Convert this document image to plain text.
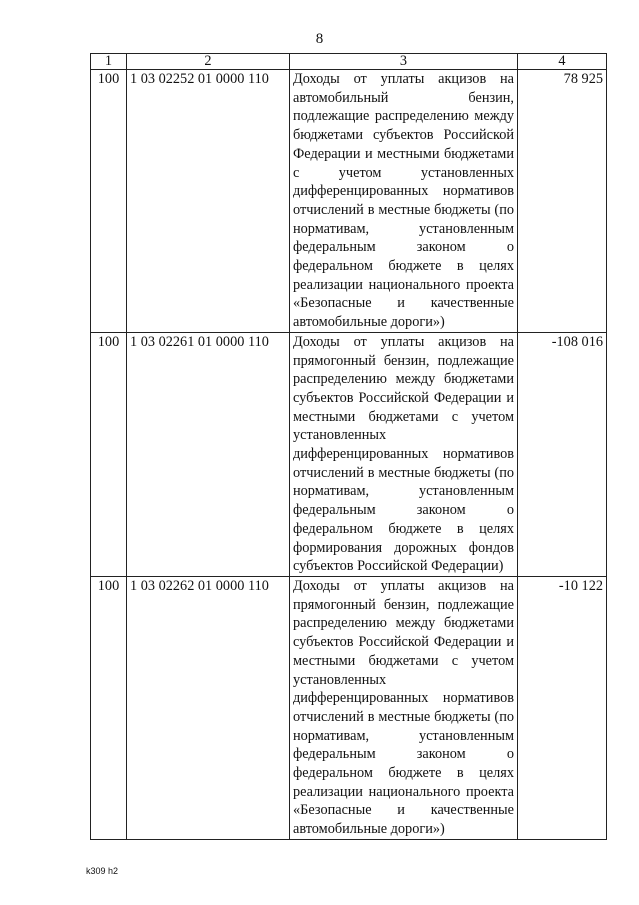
8
1	2	3	4
100	1 03 02252 01 0000 110	Доходы от уплаты акцизов на автомобильный бензин, подлежащие распределению между бюджетами субъектов Российской Федерации и местными бюджетами с учетом установленных дифференцированных нормативов отчислений в местные бюджеты (по нормативам, установленным федеральным законом о федеральном бюджете в целях реализации национального проекта «Безопасные и качественные автомобильные дороги»)	78 925
100	1 03 02261 01 0000 110	Доходы от уплаты акцизов на прямогонный бензин, подлежащие распределению между бюджетами субъектов Российской Федерации и местными бюджетами с учетом установленных дифференцированных нормативов отчислений в местные бюджеты (по нормативам, установленным федеральным законом о федеральном бюджете в целях формирования дорожных фондов субъектов Российской Федерации)	-108 016
100	1 03 02262 01 0000 110	Доходы от уплаты акцизов на прямогонный бензин, подлежащие распределению между бюджетами субъектов Российской Федерации и местными бюджетами с учетом установленных дифференцированных нормативов отчислений в местные бюджеты (по нормативам, установленным федеральным законом о федеральном бюджете в целях реализации национального проекта «Безопасные и качественные автомобильные дороги»)	-10 122
k309 h2
